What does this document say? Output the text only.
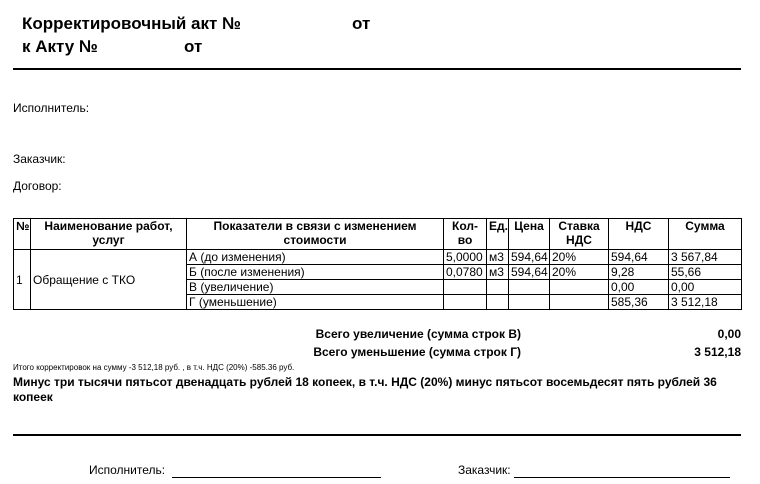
Корректировочный акт №	от
к Акту №	от
Исполнитель:
Заказчик:
Договор:
№	Наименование работ, услуг	Показатели в связи с изменением стоимости	Кол-во	Ед.	Цена	Ставка НДС	НДС	Сумма
1	Обращение с ТКО	А (до изменения)	5,0000	м3	594,64	20%	594,64	3 567,84
		Б (после изменения)	0,0780	м3	594,64	20%	9,28	55,66
		В (увеличение)					0,00	0,00
		Г (уменьшение)					585,36	3 512,18
Всего увеличение (сумма строк В)	0,00
Всего уменьшение (сумма строк Г)	3 512,18
Итого корректировок на сумму -3 512,18 руб. , в т.ч. НДС (20%) -585.36 руб.
Минус три тысячи пятьсот двенадцать рублей 18 копеек, в т.ч. НДС (20%) минус пятьсот восемьдесят пять рублей 36 копеек
Исполнитель:	Заказчик:
